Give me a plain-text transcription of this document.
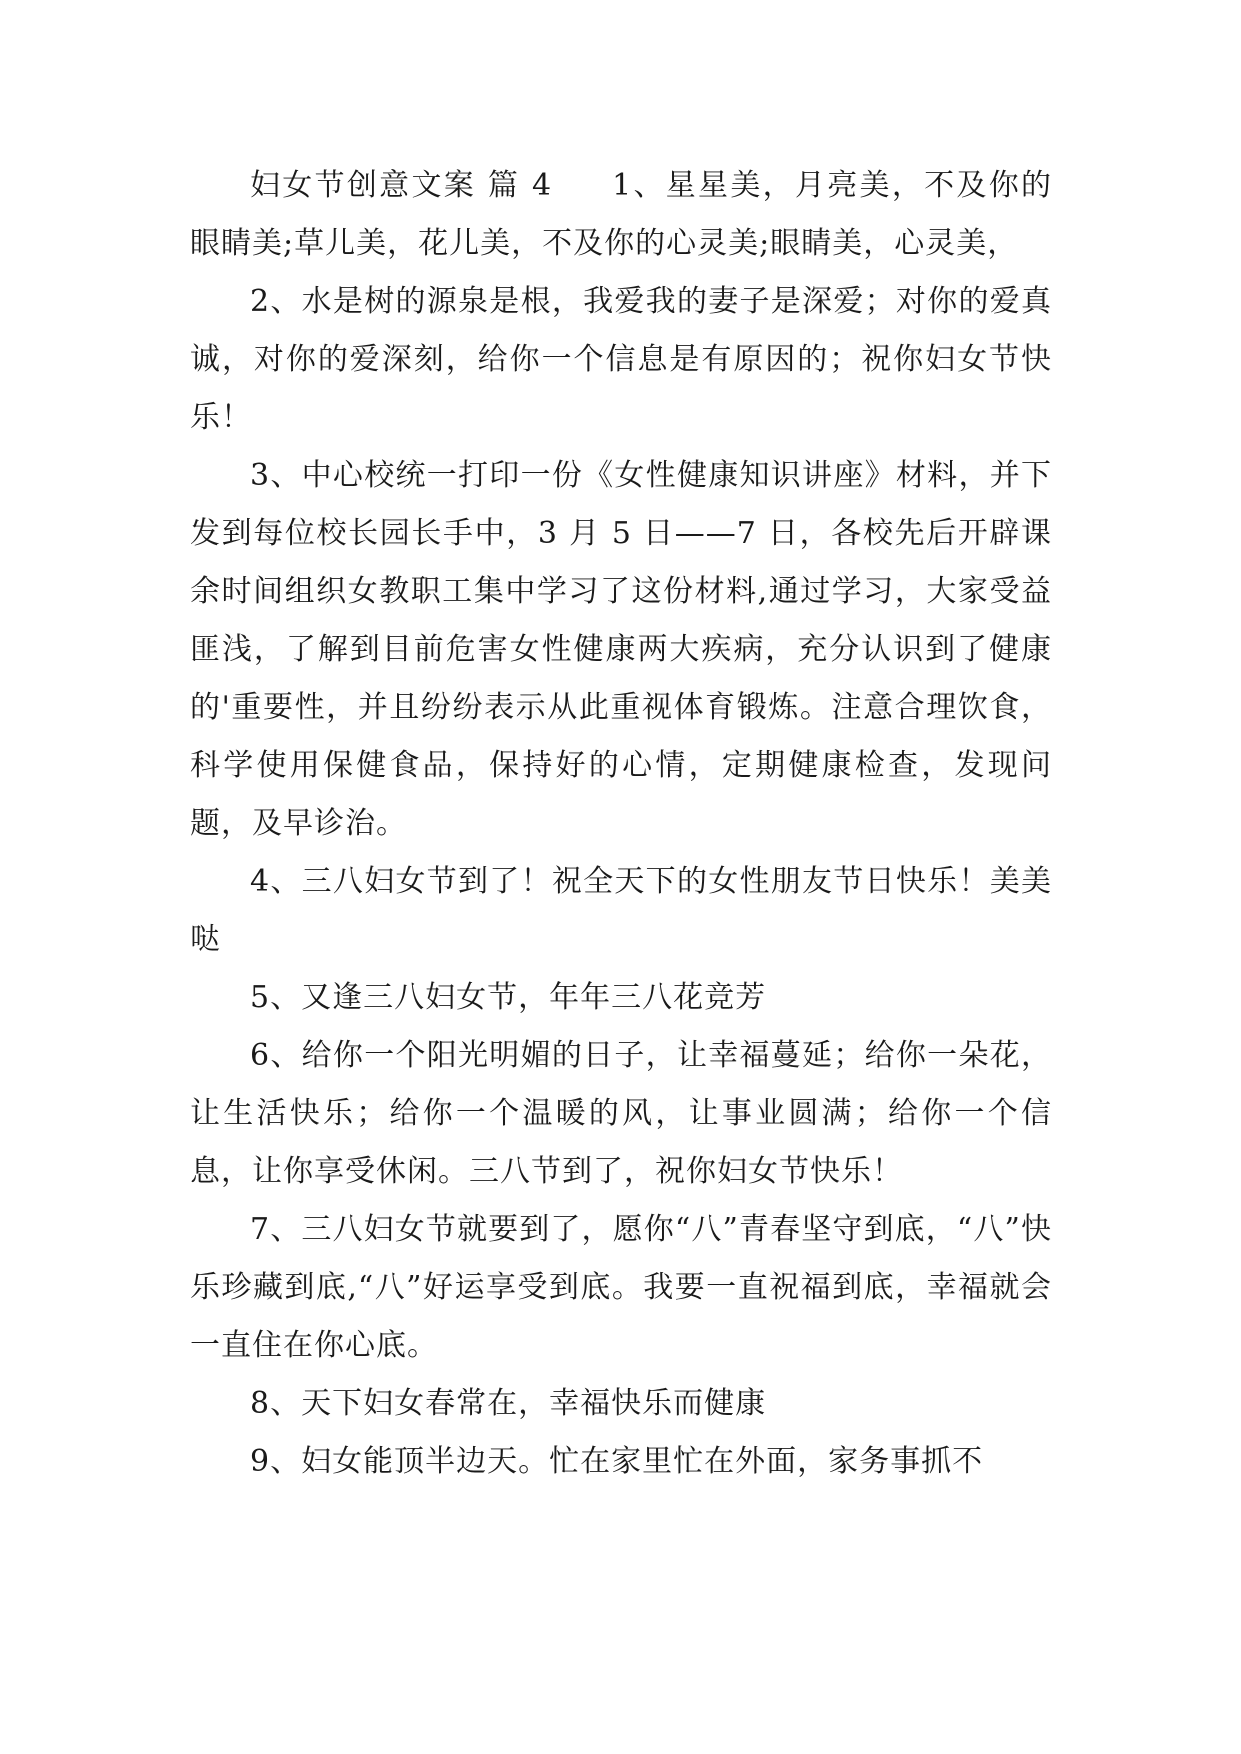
妇女节创意文案 篇 4 1、星星美，月亮美，不及你的眼睛美;草儿美，花儿美，不及你的心灵美;眼睛美，心灵美，

2、水是树的源泉是根，我爱我的妻子是深爱；对你的爱真诚，对你的爱深刻，给你一个信息是有原因的；祝你妇女节快乐！

3、中心校统一打印一份《女性健康知识讲座》材料，并下发到每位校长园长手中，3 月 5 日——7 日，各校先后开辟课余时间组织女教职工集中学习了这份材料,通过学习，大家受益匪浅，了解到目前危害女性健康两大疾病，充分认识到了健康的'重要性，并且纷纷表示从此重视体育锻炼。注意合理饮食，科学使用保健食品，保持好的心情，定期健康检查，发现问题，及早诊治。

4、三八妇女节到了！祝全天下的女性朋友节日快乐！美美哒

5、又逢三八妇女节，年年三八花竞芳

6、给你一个阳光明媚的日子，让幸福蔓延；给你一朵花，让生活快乐；给你一个温暖的风，让事业圆满；给你一个信息，让你享受休闲。三八节到了，祝你妇女节快乐！

7、三八妇女节就要到了，愿你“八”青春坚守到底，“八”快乐珍藏到底,“八”好运享受到底。我要一直祝福到底，幸福就会一直住在你心底。

8、天下妇女春常在，幸福快乐而健康

9、妇女能顶半边天。忙在家里忙在外面，家务事抓不
